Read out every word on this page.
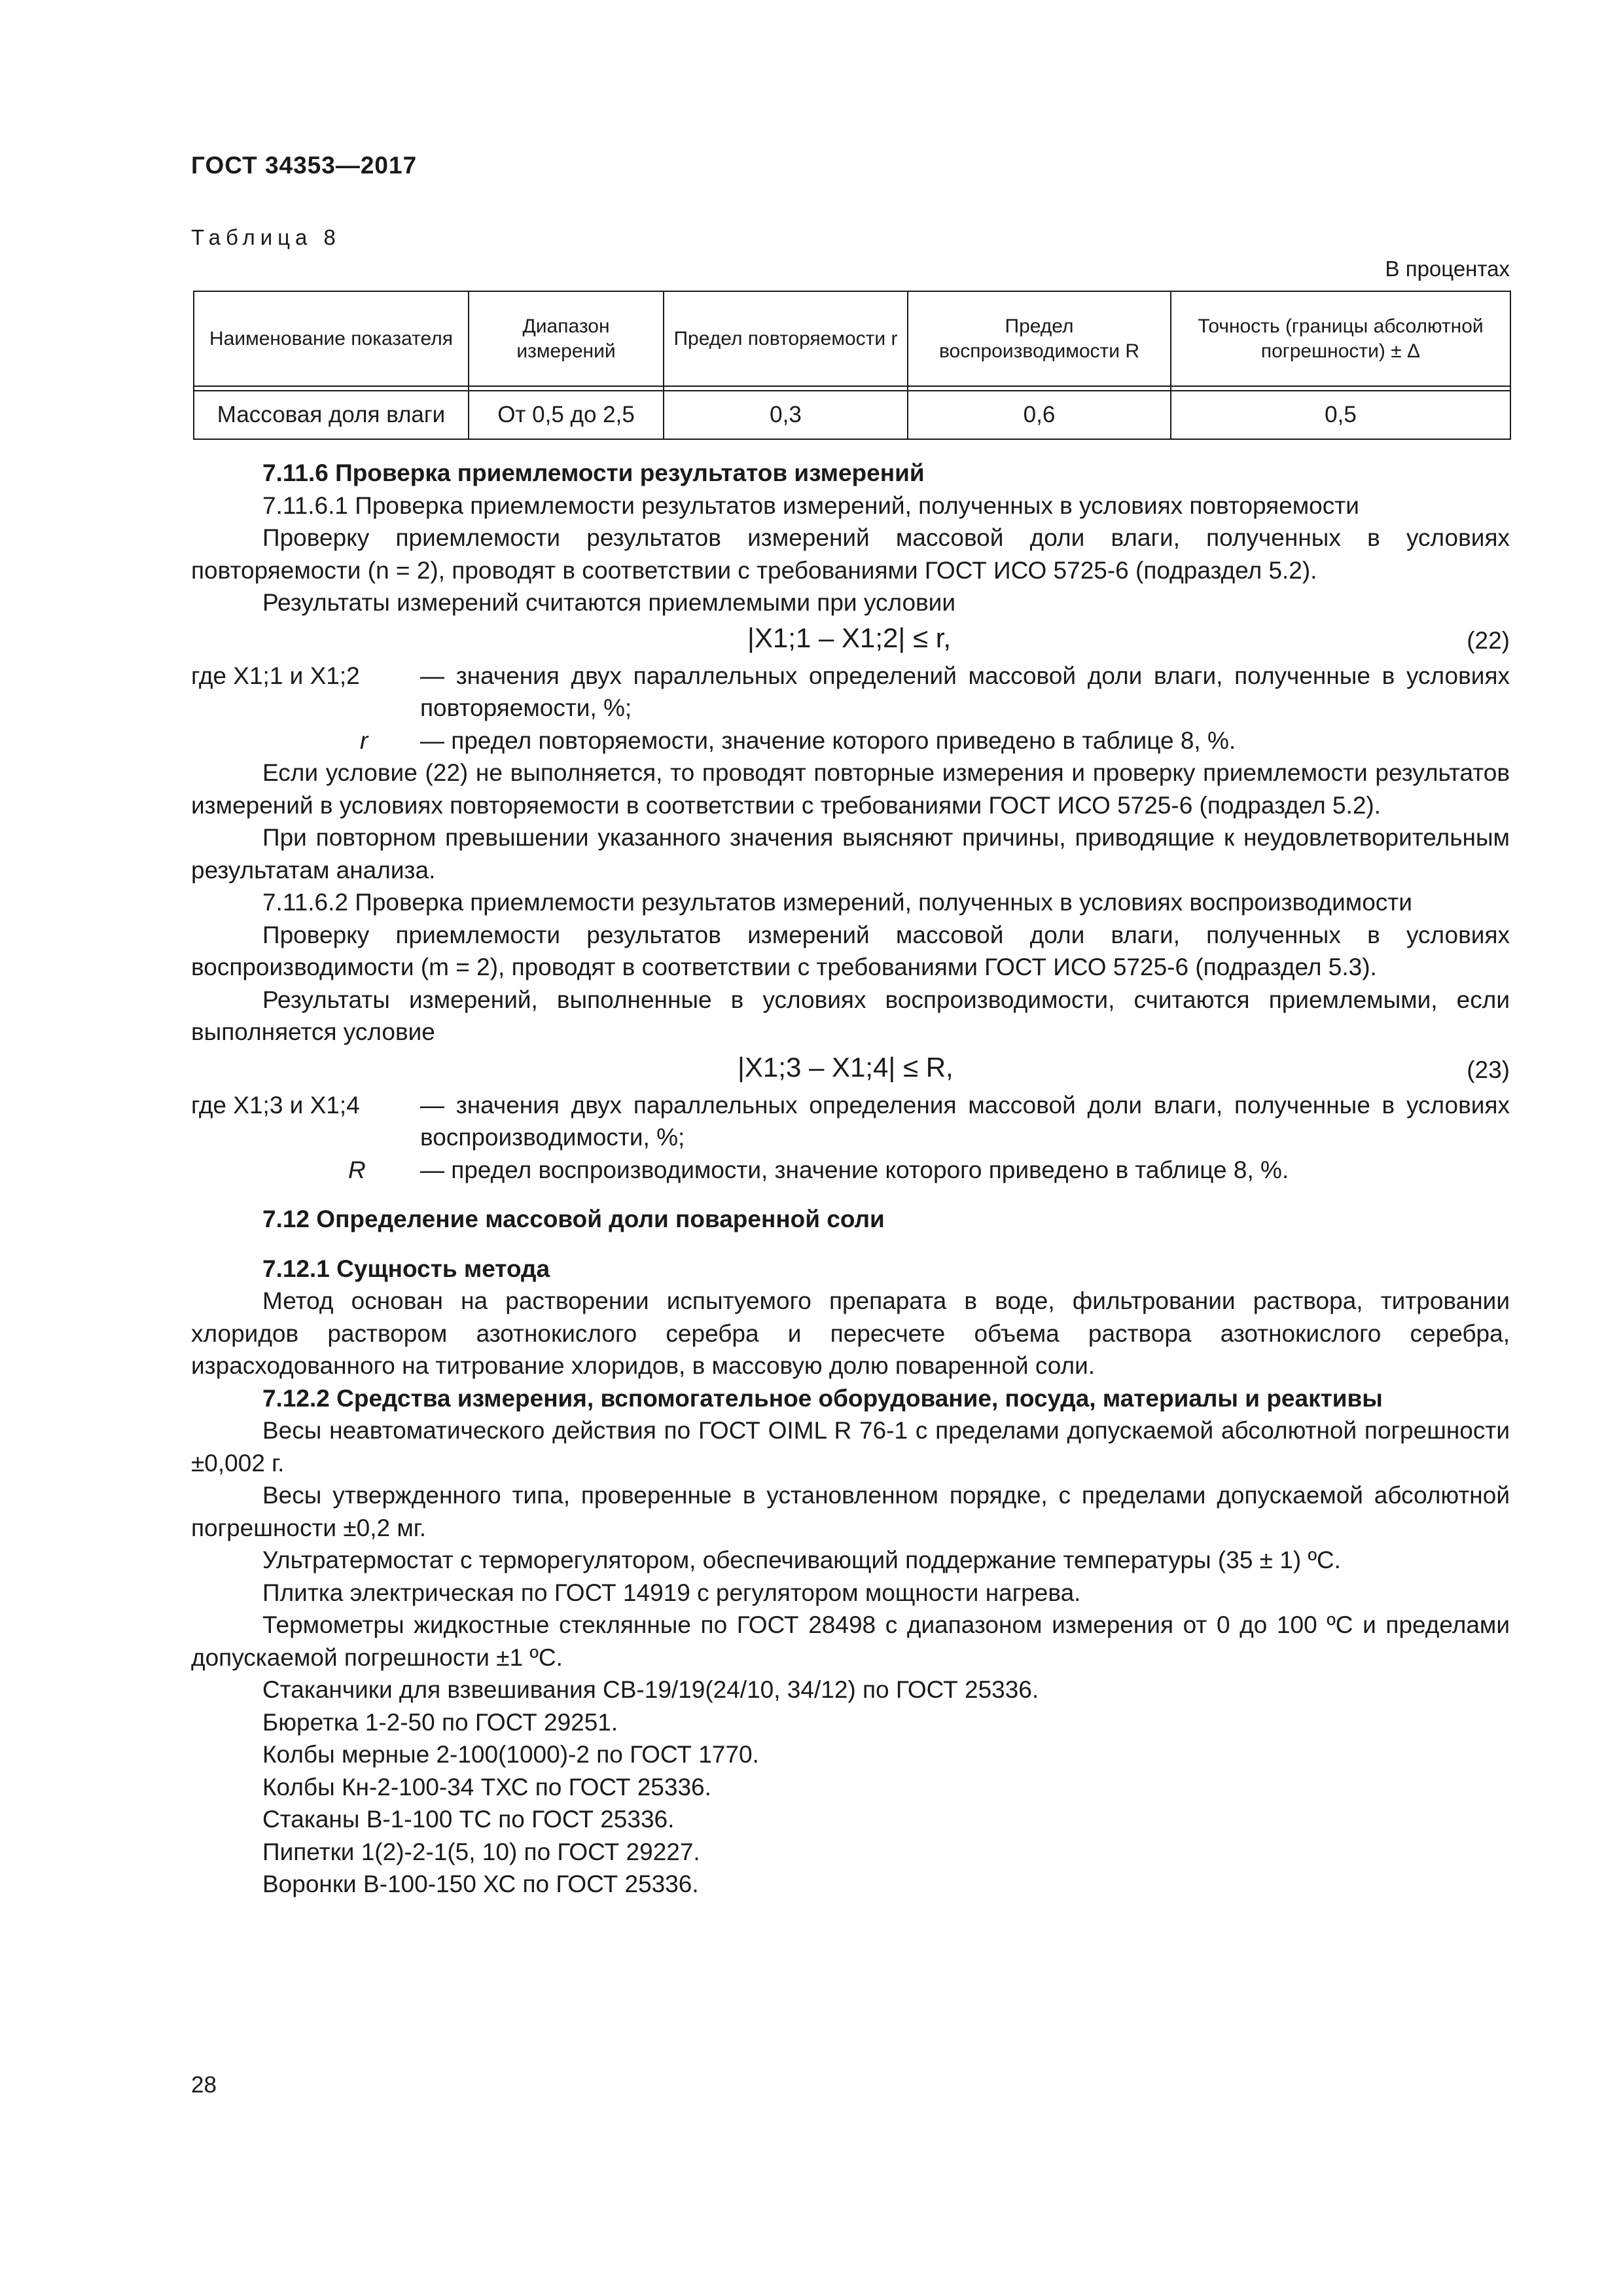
ГОСТ 34353—2017
Таблица 8
В процентах
Наименование показателя	Диапазон измерений	Предел повторяемости r	Предел воспроизводимости R	Точность (границы абсолютной погрешности) ± Δ

Массовая доля влаги	От 0,5 до 2,5	0,3	0,6	0,5

7.11.6 Проверка приемлемости результатов измерений

7.11.6.1 Проверка приемлемости результатов измерений, полученных в условиях повторяемости

Проверку приемлемости результатов измерений массовой доли влаги, полученных в условиях повторяемости (n = 2), проводят в соответствии с требованиями ГОСТ ИСО 5725-6 (подраздел 5.2).

Результаты измерений считаются приемлемыми при условии

|X1;1 – X1;2| ≤ r,	(22)
где X1;1 и X1;2	— значения двух параллельных определений массовой доли влаги, полученные в условиях повторяемости, %;

r	— предел повторяемости, значение которого приведено в таблице 8, %.

Если условие (22) не выполняется, то проводят повторные измерения и проверку приемлемости результатов измерений в условиях повторяемости в соответствии с требованиями ГОСТ ИСО 5725-6 (подраздел 5.2).

При повторном превышении указанного значения выясняют причины, приводящие к неудовлетворительным результатам анализа.

7.11.6.2 Проверка приемлемости результатов измерений, полученных в условиях воспроизводимости

Проверку приемлемости результатов измерений массовой доли влаги, полученных в условиях воспроизводимости (m = 2), проводят в соответствии с требованиями ГОСТ ИСО 5725-6 (подраздел 5.3).

Результаты измерений, выполненные в условиях воспроизводимости, считаются приемлемыми, если выполняется условие

|X1;3 – X1;4| ≤ R,	(23)
где X1;3 и X1;4	— значения двух параллельных определения массовой доли влаги, полученные в условиях воспроизводимости, %;

R	— предел воспроизводимости, значение которого приведено в таблице 8, %.

7.12 Определение массовой доли поваренной соли

7.12.1 Сущность метода

Метод основан на растворении испытуемого препарата в воде, фильтровании раствора, титровании хлоридов раствором азотнокислого серебра и пересчете объема раствора азотнокислого серебра, израсходованного на титрование хлоридов, в массовую долю поваренной соли.

7.12.2 Средства измерения, вспомогательное оборудование, посуда, материалы и реактивы

Весы неавтоматического действия по ГОСТ OIML R 76-1 с пределами допускаемой абсолютной погрешности ±0,002 г.

Весы утвержденного типа, проверенные в установленном порядке, с пределами допускаемой абсолютной погрешности ±0,2 мг.

Ультратермостат с терморегулятором, обеспечивающий поддержание температуры (35 ± 1) ºС.

Плитка электрическая по ГОСТ 14919 с регулятором мощности нагрева.

Термометры жидкостные стеклянные по ГОСТ 28498 с диапазоном измерения от 0 до 100 ºС и пределами допускаемой погрешности ±1 ºС.

Стаканчики для взвешивания СВ-19/19(24/10, 34/12) по ГОСТ 25336.

Бюретка 1-2-50 по ГОСТ 29251.

Колбы мерные 2-100(1000)-2 по ГОСТ 1770.

Колбы Кн-2-100-34 ТХС по ГОСТ 25336.

Стаканы В-1-100 ТС по ГОСТ 25336.

Пипетки 1(2)-2-1(5, 10) по ГОСТ 29227.

Воронки В-100-150 ХС по ГОСТ 25336.

28
